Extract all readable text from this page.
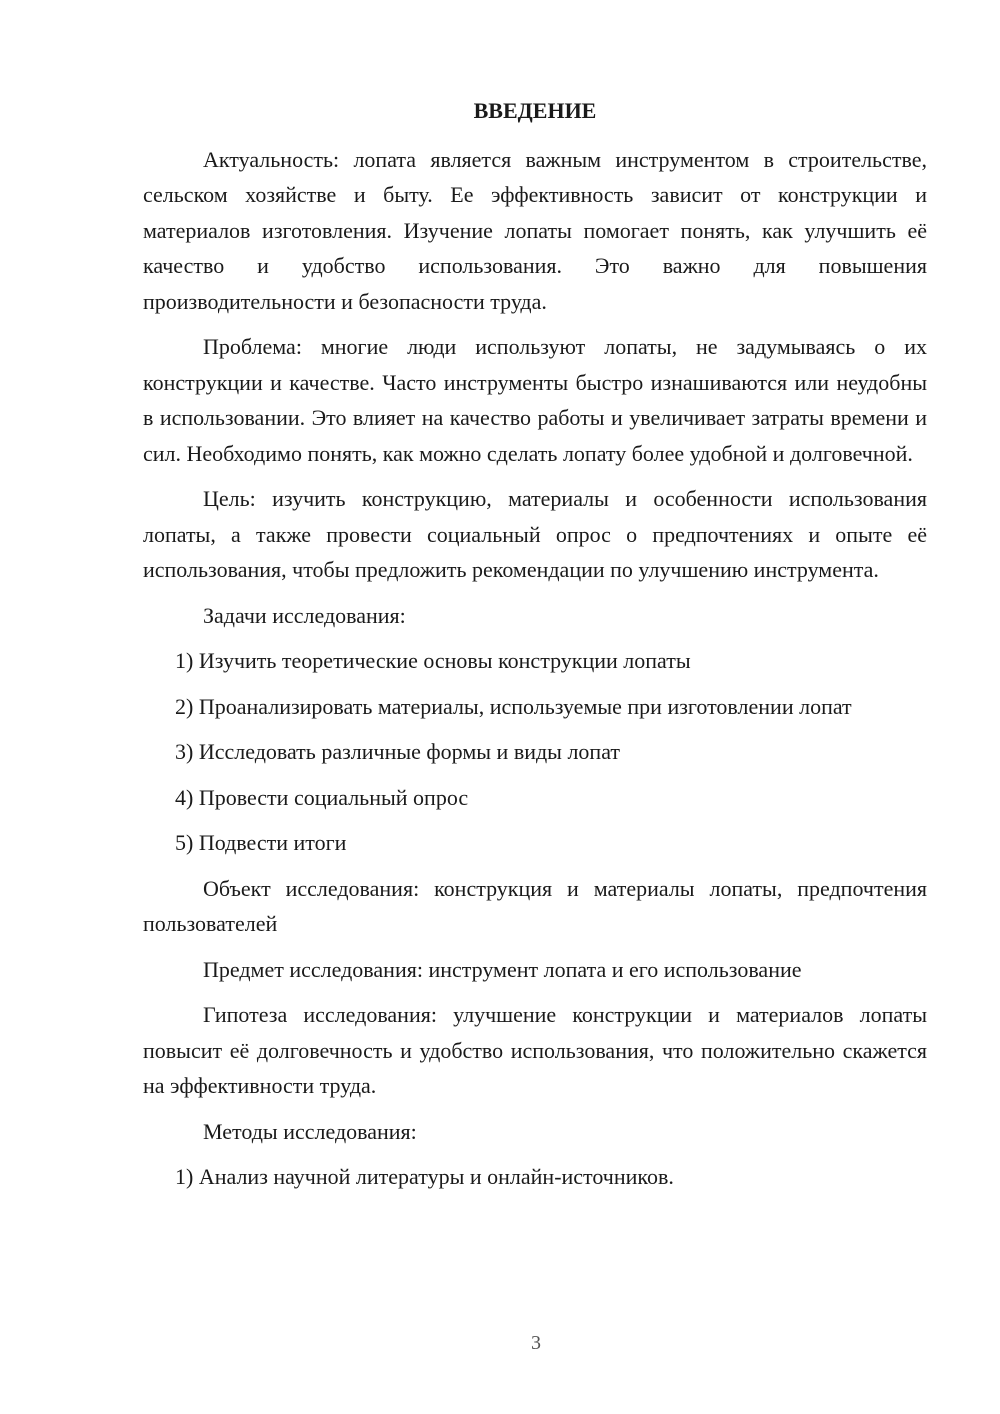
ВВЕДЕНИЕ

Актуальность: лопата является важным инструментом в строительстве, сельском хозяйстве и быту. Ее эффективность зависит от конструкции и материалов изготовления. Изучение лопаты помогает понять, как улучшить её качество и удобство использования. Это важно для повышения производительности и безопасности труда.

Проблема: многие люди используют лопаты, не задумываясь о их конструкции и качестве. Часто инструменты быстро изнашиваются или неудобны в использовании. Это влияет на качество работы и увеличивает затраты времени и сил. Необходимо понять, как можно сделать лопату более удобной и долговечной.

Цель: изучить конструкцию, материалы и особенности использования лопаты, а также провести социальный опрос о предпочтениях и опыте её использования, чтобы предложить рекомендации по улучшению инструмента.

Задачи исследования:

1) Изучить теоретические основы конструкции лопаты

2) Проанализировать материалы, используемые при изготовлении лопат

3) Исследовать различные формы и виды лопат

4) Провести социальный опрос

5) Подвести итоги

Объект исследования: конструкция и материалы лопаты, предпочтения пользователей

Предмет исследования: инструмент лопата и его использование

Гипотеза исследования: улучшение конструкции и материалов лопаты повысит её долговечность и удобство использования, что положительно скажется на эффективности труда.

Методы исследования:

1) Анализ научной литературы и онлайн-источников.

3
